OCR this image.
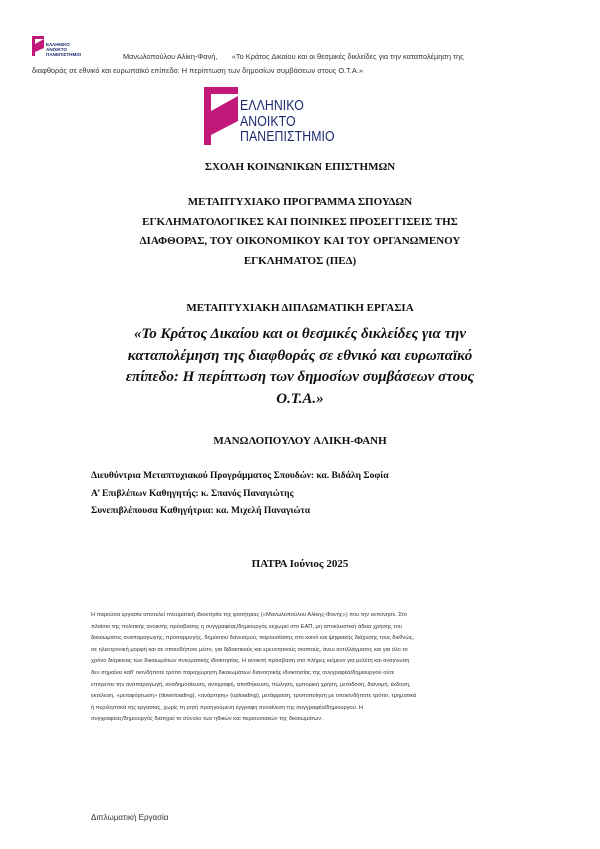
ΕΛΛΗΝΙΚΟ
ΑΝΟΙΚΤΟ
ΠΑΝΕΠΙΣΤΗΜΙΟ	Μανωλοπούλου Αλίκη-Φανή,       «Το Κράτος Δικαίου και οι θεσμικές δικλείδες για την καταπολέμηση της
διαφθοράς σε εθνικό και ευρωπαϊκό επίπεδο: Η περίπτωση των δημοσίων συμβάσεων στους Ο.Τ.Α.»
ΕΛΛΗΝΙΚΟ
ΑΝΟΙΚΤΟ
ΠΑΝΕΠΙΣΤΗΜΙΟ
ΣΧΟΛΗ ΚΟΙΝΩΝΙΚΩΝ ΕΠΙΣΤΗΜΩΝ
ΜΕΤΑΠΤΥΧΙΑΚΟ ΠΡΟΓΡΑΜΜΑ ΣΠΟΥΔΩΝ
ΕΓΚΛΗΜΑΤΟΛΟΓΙΚΕΣ ΚΑΙ ΠΟΙΝΙΚΕΣ ΠΡΟΣΕΓΓΙΣΕΙΣ ΤΗΣ
ΔΙΑΦΘΟΡΑΣ, ΤΟΥ ΟΙΚΟΝΟΜΙΚΟΥ ΚΑΙ ΤΟΥ ΟΡΓΑΝΩΜΕΝΟΥ
ΕΓΚΛΗΜΑΤΟΣ (ΠΕΔ)
ΜΕΤΑΠΤΥΧΙΑΚΗ ΔΙΠΛΩΜΑΤΙΚΗ ΕΡΓΑΣΙΑ
«Το Κράτος Δικαίου και οι θεσμικές δικλείδες για την
καταπολέμηση της διαφθοράς σε εθνικό και ευρωπαϊκό
επίπεδο: Η περίπτωση των δημοσίων συμβάσεων στους
Ο.Τ.Α.»
ΜΑΝΩΛΟΠΟΥΛΟΥ ΑΛΙΚΗ-ΦΑΝΗ
Διευθύντρια Μεταπτυχιακού Προγράμματος Σπουδών: κα. Βιδάλη Σοφία
Α’ Επιβλέπων Καθηγητής: κ. Σπανός Παναγιώτης
Συνεπιβλέπουσα Καθηγήτρια: κα. Μιχελή Παναγιώτα
ΠΑΤΡΑ Ιούνιος 2025
Η παρούσα εργασία αποτελεί πνευματική ιδιοκτησία της φοιτήτριας («Μανωλοπούλου Αλίκης-Φανής») που την εκπόνησε. Στο
πλαίσιο της πολιτικής ανοικτής πρόσβασης η συγγραφέας/δημιουργός εκχωρεί στο ΕΑΠ, μη αποκλειστική άδεια χρήσης του
δικαιώματος αναπαραγωγής, προσαρμογής, δημόσιου δανεισμού, παρουσίασης στο κοινό και ψηφιακής διάχυσης τους διεθνώς,
σε ηλεκτρονική μορφή και σε οποιοδήποτε μέσο, για διδακτικούς και ερευνητικούς σκοπούς, άνευ αντιλλάγματος και για όλο το
χρόνο διάρκειας των δικαιωμάτων πνευματικής ιδιοκτησίας. Η ανοικτή πρόσβαση στο πλήρες κείμενο για μελέτη και ανάγνωση
δεν σημαίνει καθ’ οιονδήποτε τρόπο παραχώρηση δικαιωμάτων διανοητικής ιδιοκτησίας της συγγραφέα/δημιουργού ούτε
επιτρέπει την αναπαραγωγή, αναδημοσίευση, αντιγραφή, αποθήκευση, πώληση, εμπορική χρήση, μετάδοση, διανομή, έκδοση,
εκτέλεση, «μεταφόρτωση» (downloading), «ανάρτηση» (uploading), μετάφραση, τροποποίηση με οποιονδήποτε τρόπο, τμηματικά
ή περιληπτικά της εργασίας, χωρίς τη ρητή προηγούμενη έγγραφη συναίνεση της συγγραφέα/δημιουργού. Η
συγγραφέας/δημιουργός διατηρεί το σύνολο των ηθικών και περιουσιακών της δικαιωμάτων.
Διπλωματική Εργασία
